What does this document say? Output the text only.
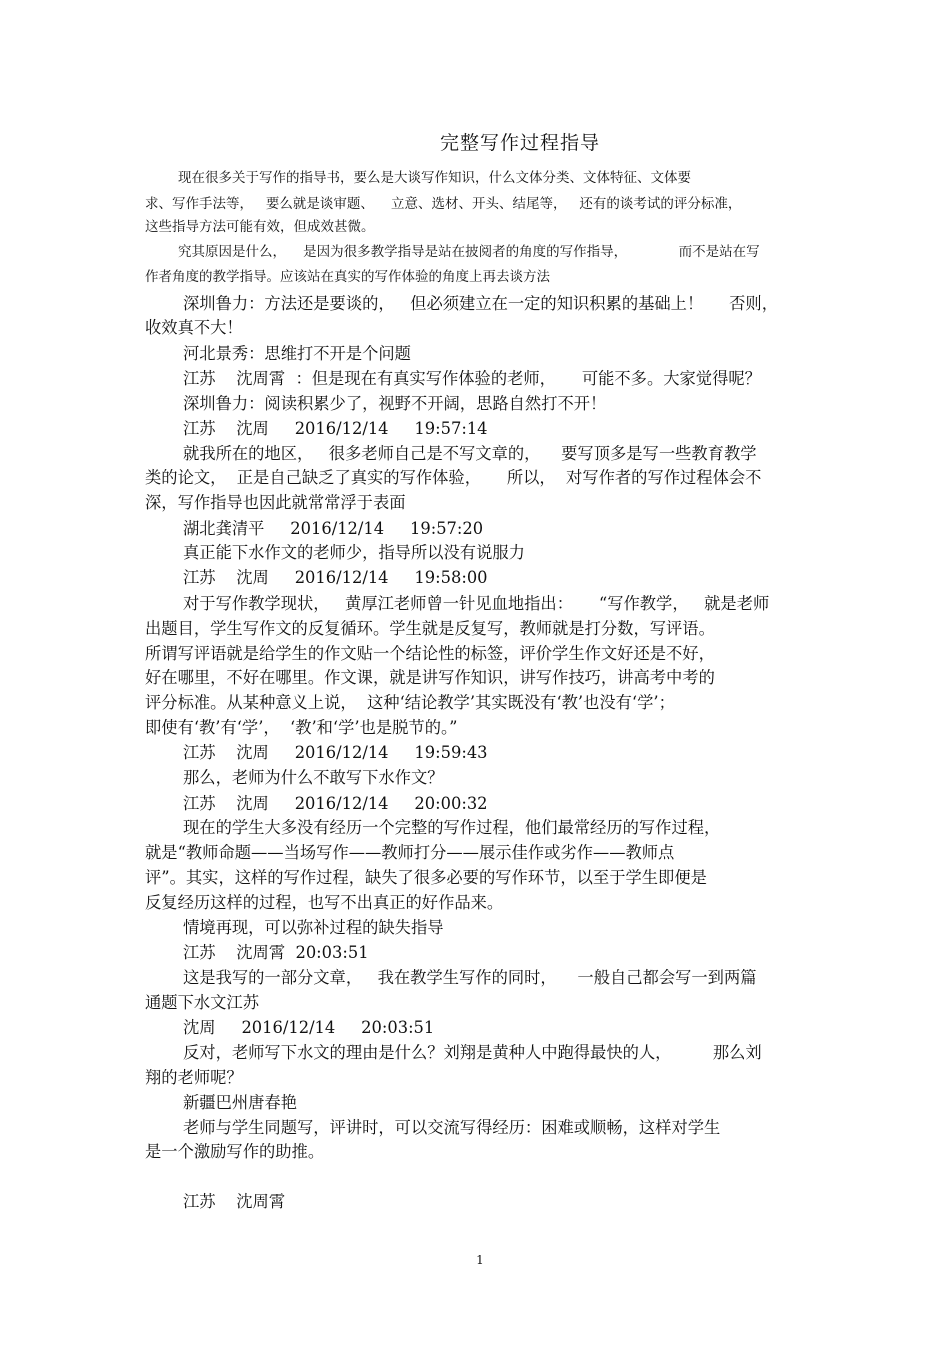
完整写作过程指导
现在很多关于写作的指导书，要么是大谈写作知识，什么文体分类、文体特征、文体要
求、写作手法等，   要么就是谈审题、    立意、选材、开头、结尾等，   还有的谈考试的评分标准，
这些指导方法可能有效，但成效甚微。
究其原因是什么，    是因为很多教学指导是站在披阅者的角度的写作指导，            而不是站在写
作者角度的教学指导。应该站在真实的写作体验的角度上再去谈方法
深圳鲁力：方法还是要谈的，   但必须建立在一定的知识积累的基础上！     否则，
收效真不大！
河北景秀：思维打不开是个问题
江苏    沈周霄  ：但是现在有真实写作体验的老师，     可能不多。大家觉得呢？
深圳鲁力：阅读积累少了，视野不开阔，思路自然打不开！
江苏    沈周     2016/12/14     19:57:14
就我所在的地区，   很多老师自己是不写文章的，    要写顶多是写一些教育教学
类的论文，  正是自己缺乏了真实的写作体验，     所以，  对写作者的写作过程体会不
深，写作指导也因此就常常浮于表面
湖北龚清平     2016/12/14     19:57:20
真正能下水作文的老师少，指导所以没有说服力
江苏    沈周     2016/12/14     19:58:00
对于写作教学现状，   黄厚江老师曾一针见血地指出：     “写作教学，   就是老师
出题目，学生写作文的反复循环。学生就是反复写，教师就是打分数，写评语。
所谓写评语就是给学生的作文贴一个结论性的标签，评价学生作文好还是不好，
好在哪里，不好在哪里。作文课，就是讲写作知识，讲写作技巧，讲高考中考的
评分标准。从某种意义上说，  这种‘结论教学’其实既没有‘教’也没有‘学’；
即使有‘教’有‘学’，  ‘教’和‘学’也是脱节的。”
江苏    沈周     2016/12/14     19:59:43
那么，老师为什么不敢写下水作文？
江苏    沈周     2016/12/14     20:00:32
现在的学生大多没有经历一个完整的写作过程，他们最常经历的写作过程，
就是“教师命题——当场写作——教师打分——展示佳作或劣作——教师点
评”。其实，这样的写作过程，缺失了很多必要的写作环节，以至于学生即便是
反复经历这样的过程，也写不出真正的好作品来。
情境再现，可以弥补过程的缺失指导
江苏    沈周霄  20:03:51
这是我写的一部分文章，   我在教学生写作的同时，    一般自己都会写一到两篇
通题下水文江苏
沈周     2016/12/14     20:03:51
反对，老师写下水文的理由是什么？刘翔是黄种人中跑得最快的人，        那么刘
翔的老师呢？
新疆巴州唐春艳
老师与学生同题写，评讲时，可以交流写得经历：困难或顺畅，这样对学生
是一个激励写作的助推。
江苏    沈周霄
1
